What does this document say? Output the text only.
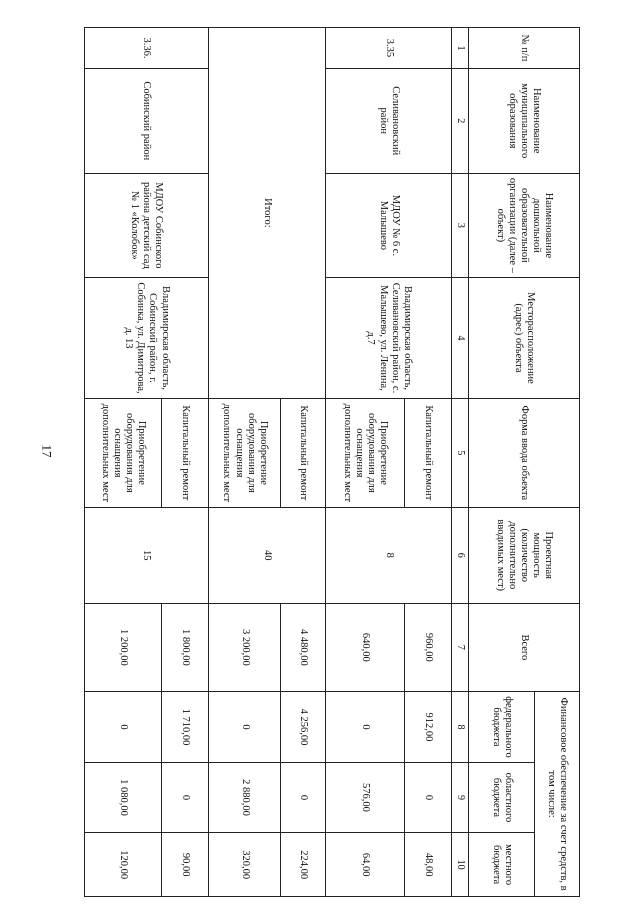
17
№ п/п	Наименование муниципального образования	Наименование дошкольной образовательной организации (далее – объект)	Месторасположение (адрес) объекта	Форма ввода объекта	Проектная мощность (количество дополнительно вводимых мест)	Всего	Финансовое обеспечение за счет средств, в том числе:		
							федерального бюджета	областного бюджета	местного бюджета
1	2	3	4	5	6	7	8	9	10
3.35	Селивановский район	МДОУ № 6 с. Малышево	Владимирская область, Селивановский район, с. Малышево, ул. Ленина, д.7	Капитальный ремонт	8	960,00	912,00	0	48,00
				Приобретение оборудования для оснащения дополнительных мест		640,00	0	576,00	64,00
Итого:				Капитальный ремонт	40	4 480,00	4 256,00	0	224,00
				Приобретение оборудования для оснащения дополнительных мест		3 200,00	0	2 880,00	320,00
3.36.	Собинский район	МДОУ Собинского района детский сад № 1 «Колобок»	Владимирская область, Собинский район, г. Собинка, ул. Димитрова, д. 13	Капитальный ремонт	15	1 800,00	1 710,00	0	90,00
				Приобретение оборудования для оснащения дополнительных мест		1 200,00	0	1 080,00	120,00
